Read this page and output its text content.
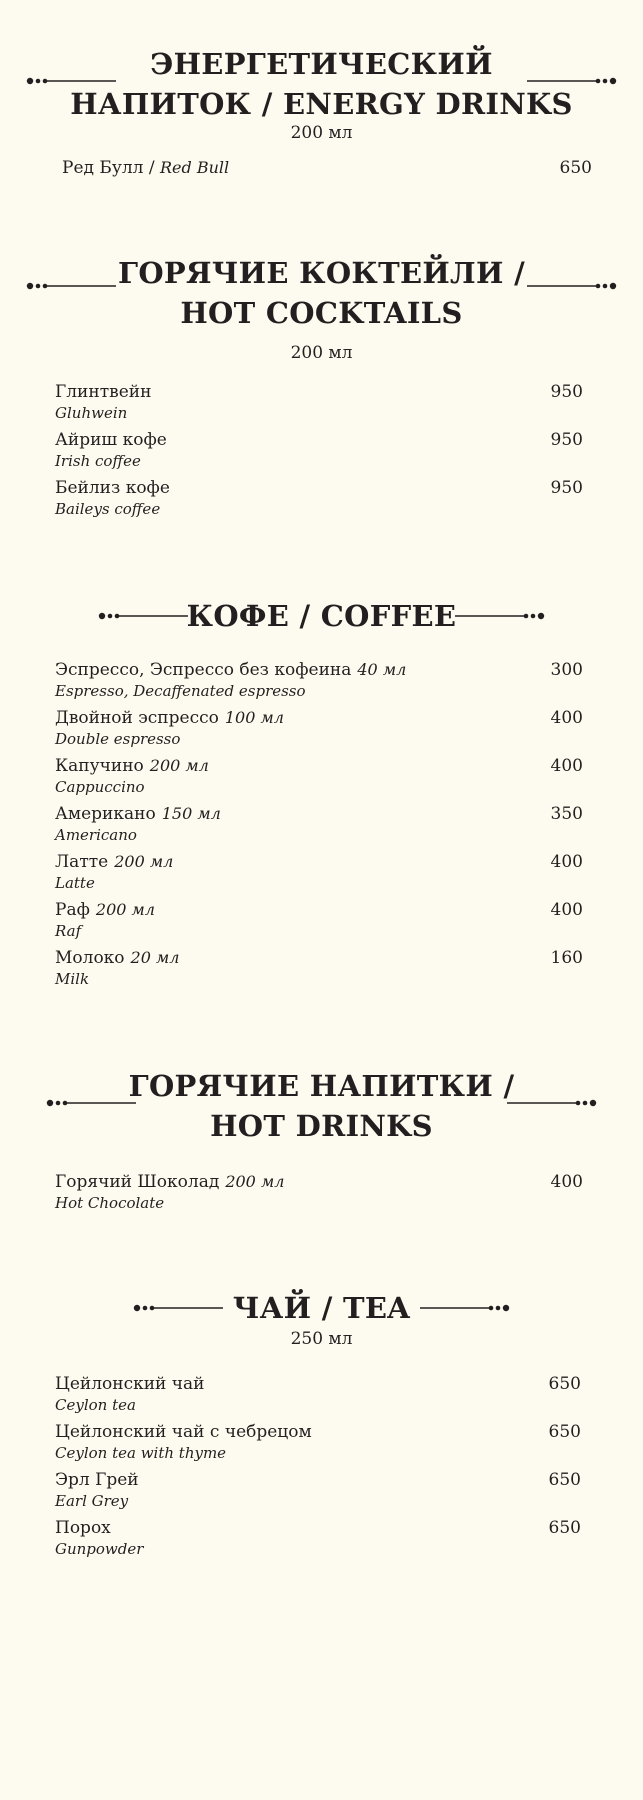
ЭНЕРГЕТИЧЕСКИЙ
НАПИТОК / ENERGY DRINKS
200 мл
Ред Булл / Red Bull	650
ГОРЯЧИЕ КОКТЕЙЛИ /
HOT COCKTAILS
200 мл
Глинтвейн
Gluhwein
950
Айриш кофе
Irish coffee
950
Бейлиз кофе
Baileys coffee
950
КОФЕ / COFFEE
Эспрессо, Эспрессо без кофеина 40 мл
Espresso, Decaffenated espresso
300
Двойной эспрессо 100 мл
Double espresso
400
Капучино 200 мл
Cappuccino
400
Американо 150 мл
Americano
350
Латте 200 мл
Latte
400
Раф 200 мл
Raf
400
Молоко 20 мл
Milk
160
ГОРЯЧИЕ НАПИТКИ /
HOT DRINKS
Горячий Шоколад 200 мл
Hot Chocolate
400
ЧАЙ / TEA
250 мл
Цейлонский чай
Ceylon tea
650
Цейлонский чай с чебрецом
Ceylon tea with thyme
650
Эрл Грей
Earl Grey
650
Порох
Gunpowder
650
